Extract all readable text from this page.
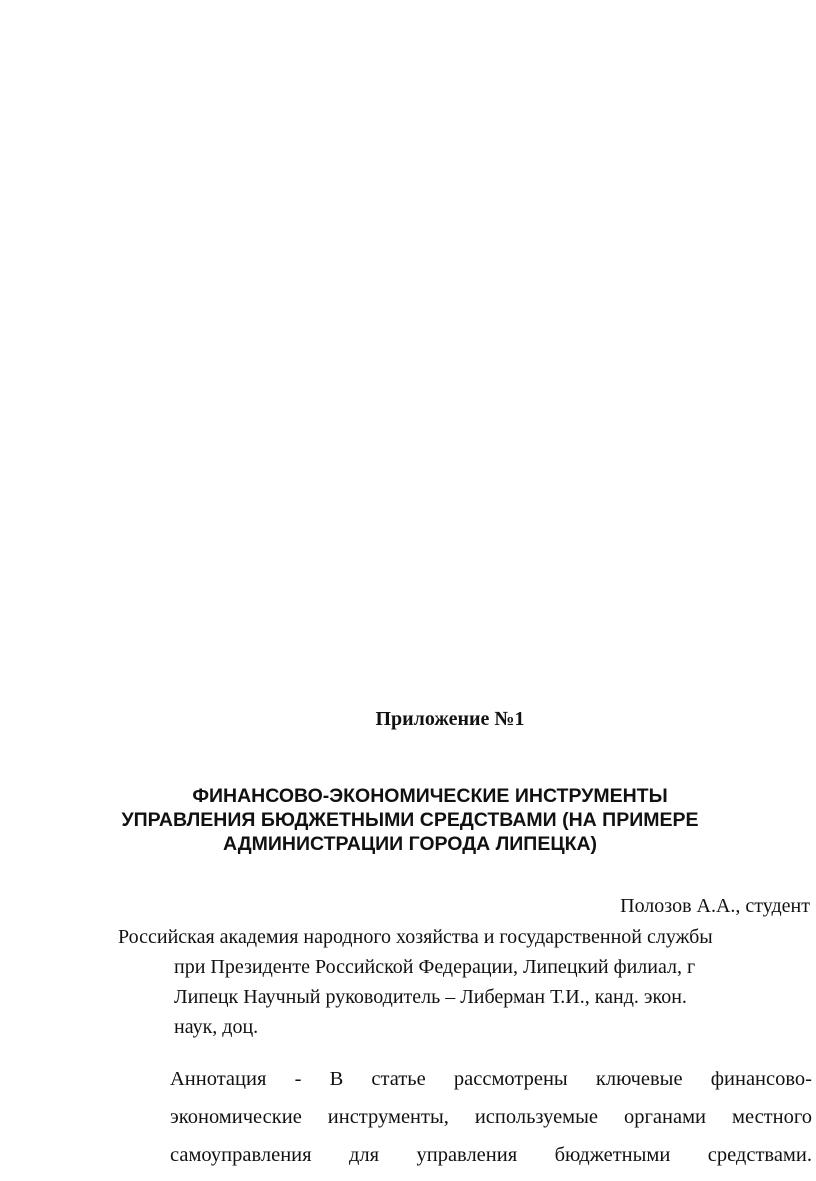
Приложение №1
ФИНАНСОВО-ЭКОНОМИЧЕСКИЕ ИНСТРУМЕНТЫ
УПРАВЛЕНИЯ БЮДЖЕТНЫМИ СРЕДСТВАМИ (НА ПРИМЕРЕ
АДМИНИСТРАЦИИ ГОРОДА ЛИПЕЦКА)
Полозов А.А., студент
Российская академия народного хозяйства и государственной службы
при Президенте Российской Федерации, Липецкий филиал, г
Липецк Научный руководитель – Либерман Т.И., канд. экон.
наук, доц.
Аннотация - В статье рассмотрены ключевые финансово-
экономические инструменты, используемые органами местного
самоуправления для управления бюджетными средствами.
